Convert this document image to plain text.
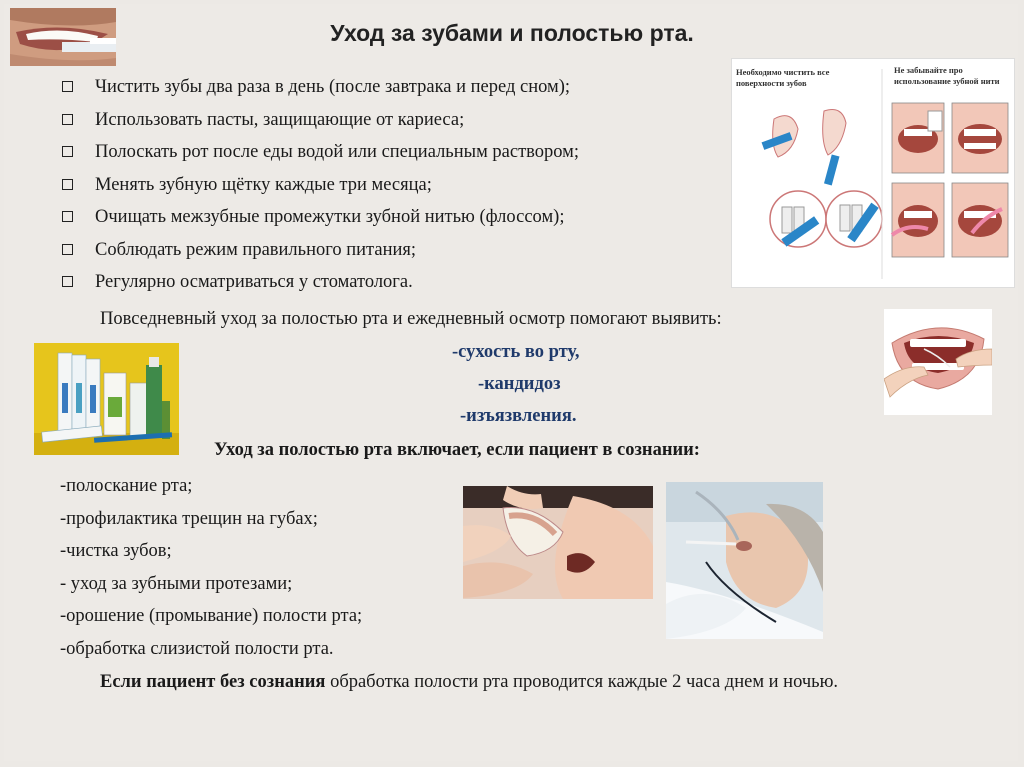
Уход за зубами и полостью рта.
Чистить зубы два раза в день (после завтрака и перед сном);
Использовать пасты, защищающие от кариеса;
Полоскать рот после еды водой или специальным раствором;
Менять зубную щётку каждые три месяца;
Очищать межзубные промежутки зубной нитью (флоссом);
Соблюдать режим правильного питания;
Регулярно осматриваться у стоматолога.
Необходимо чистить все поверхности зубов
Не забывайте про использование зубной нити
Повседневный уход за полостью рта и ежедневный осмотр помогают выявить:
-сухость во рту,
-кандидоз
-изъязвления.
Уход за полостью рта включает, если пациент в сознании:

-полоскание рта;

-профилактика трещин на губах;

-чистка зубов;

- уход за зубными протезами;

-орошение (промывание) полости рта;

-обработка слизистой полости рта.

Если пациент без сознания обработка полости рта проводится каждые 2 часа днем и ночью.
